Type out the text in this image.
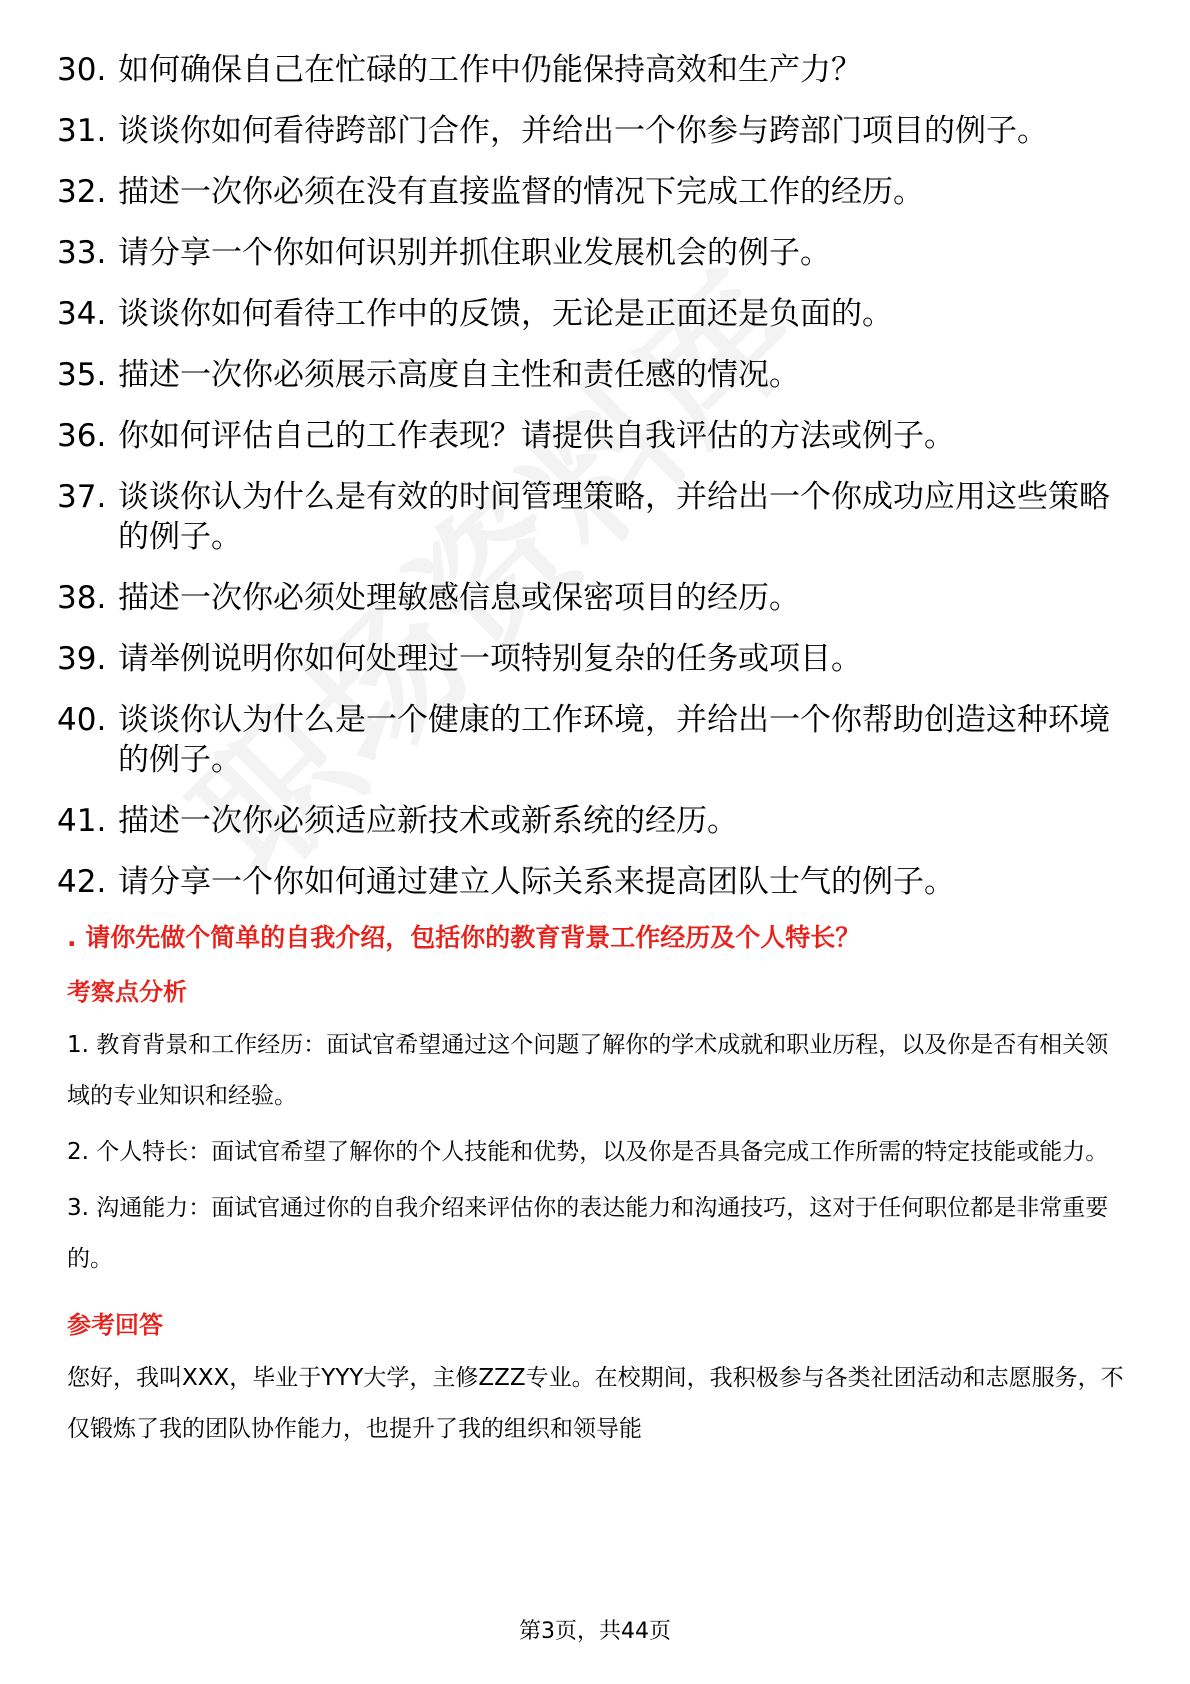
30. 如何确保自己在忙碌的工作中仍能保持高效和生产力？
31. 谈谈你如何看待跨部门合作，并给出一个你参与跨部门项目的例子。
32. 描述一次你必须在没有直接监督的情况下完成工作的经历。
33. 请分享一个你如何识别并抓住职业发展机会的例子。
34. 谈谈你如何看待工作中的反馈，无论是正面还是负面的。
35. 描述一次你必须展示高度自主性和责任感的情况。
36. 你如何评估自己的工作表现？请提供自我评估的方法或例子。
37. 谈谈你认为什么是有效的时间管理策略，并给出一个你成功应用这些策略的例子。
38. 描述一次你必须处理敏感信息或保密项目的经历。
39. 请举例说明你如何处理过一项特别复杂的任务或项目。
40. 谈谈你认为什么是一个健康的工作环境，并给出一个你帮助创造这种环境的例子。
41. 描述一次你必须适应新技术或新系统的经历。
42. 请分享一个你如何通过建立人际关系来提高团队士气的例子。
. 请你先做个简单的自我介绍，包括你的教育背景工作经历及个人特长？
考察点分析

1. 教育背景和工作经历：面试官希望通过这个问题了解你的学术成就和职业历程，以及你是否有相关领域的专业知识和经验。

2. 个人特长：面试官希望了解你的个人技能和优势，以及你是否具备完成工作所需的特定技能或能力。

3. 沟通能力：面试官通过你的自我介绍来评估你的表达能力和沟通技巧，这对于任何职位都是非常重要的。

参考回答

您好，我叫XXX，毕业于YYY大学，主修ZZZ专业。在校期间，我积极参与各类社团活动和志愿服务，不仅锻炼了我的团队协作能力，也提升了我的组织和领导能

第3页，共44页
